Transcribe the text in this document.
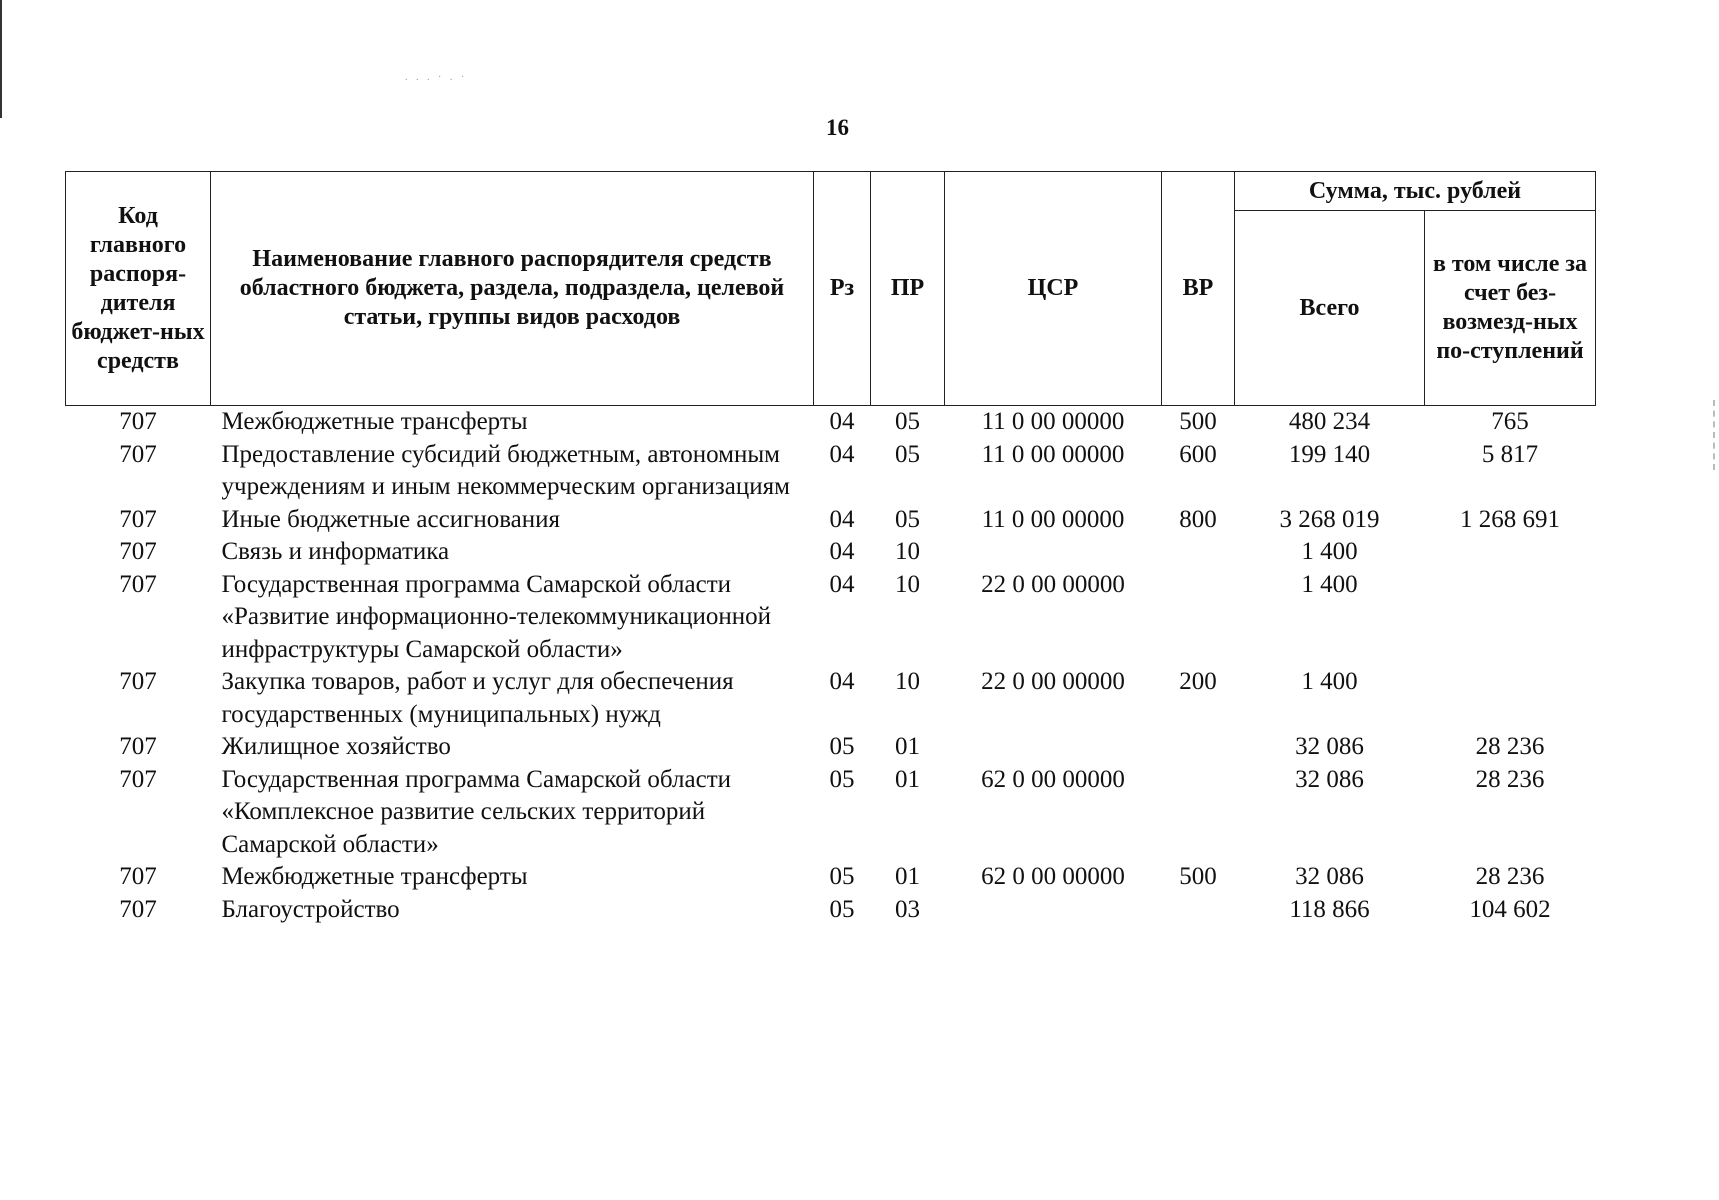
. . . · . ·
16
Код главного распоря-дителя бюджет-ных средств	Наименование главного распорядителя средств областного бюджета, раздела, подраздела, целевой статьи, группы видов расходов	Рз	ПР	ЦСР	ВР	Сумма, тыс. рублей	
						Всего	в том числе за счет без-возмезд-ных по-ступлений
707	Межбюджетные трансферты	04	05	11 0 00 00000	500	480 234	765
707	Предоставление субсидий бюджетным, автономным учреждениям и иным некоммерческим организациям	04	05	11 0 00 00000	600	199 140	5 817
707	Иные бюджетные ассигнования	04	05	11 0 00 00000	800	3 268 019	1 268 691
707	Связь и информатика	04	10			1 400	
707	Государственная программа Самарской области «Развитие информационно-телекоммуникационной инфраструктуры Самарской области»	04	10	22 0 00 00000		1 400	
707	Закупка товаров, работ и услуг для обеспечения государственных (муниципальных) нужд	04	10	22 0 00 00000	200	1 400	
707	Жилищное хозяйство	05	01			32 086	28 236
707	Государственная программа Самарской области «Комплексное развитие сельских территорий Самарской области»	05	01	62 0 00 00000		32 086	28 236
707	Межбюджетные трансферты	05	01	62 0 00 00000	500	32 086	28 236
707	Благоустройство	05	03			118 866	104 602
